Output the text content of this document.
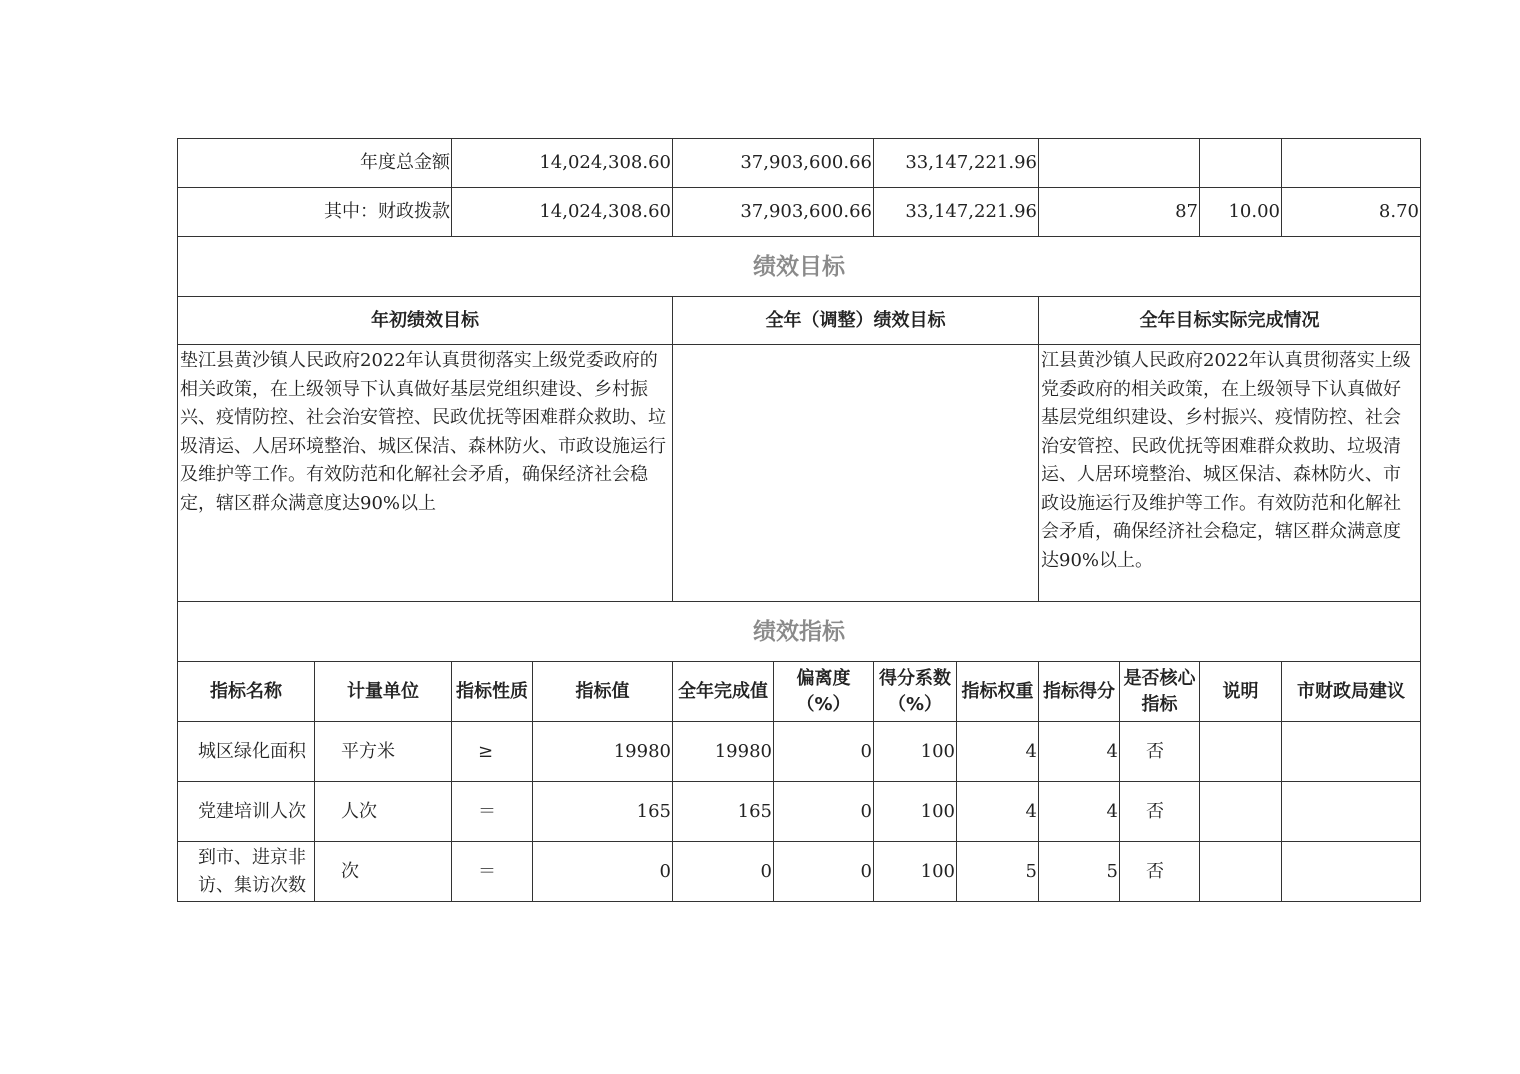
年度总金额		14,024,308.60		37,903,600.66		33,147,221.96					
其中：财政拨款		14,024,308.60		37,903,600.66		33,147,221.96		87		10.00	8.70
绩效目标											
年初绩效目标				全年（调整）绩效目标				全年目标实际完成情况			
垫江县黄沙镇人民政府2022年认真贯彻落实上级党委政府的相关政策，在上级领导下认真做好基层党组织建设、乡村振兴、疫情防控、社会治安管控、民政优抚等困难群众救助、垃圾清运、人居环境整治、城区保洁、森林防火、市政设施运行及维护等工作。有效防范和化解社会矛盾，确保经济社会稳定，辖区群众满意度达90%以上								江县黄沙镇人民政府2022年认真贯彻落实上级党委政府的相关政策，在上级领导下认真做好基层党组织建设、乡村振兴、疫情防控、社会治安管控、民政优抚等困难群众救助、垃圾清运、人居环境整治、城区保洁、森林防火、市政设施运行及维护等工作。有效防范和化解社会矛盾，确保经济社会稳定，辖区群众满意度达90%以上。			
绩效指标											
指标名称	计量单位	指标性质	指标值	全年完成值	偏离度（%）	得分系数（%）	指标权重	指标得分	是否核心指标	说明	市财政局建议
城区绿化面积	平方米	≥	19980	19980	0	100	4	4	否		
党建培训人次	人次	＝	165	165	0	100	4	4	否		
到市、进京非访、集访次数	次	＝	0	0	0	100	5	5	否		
